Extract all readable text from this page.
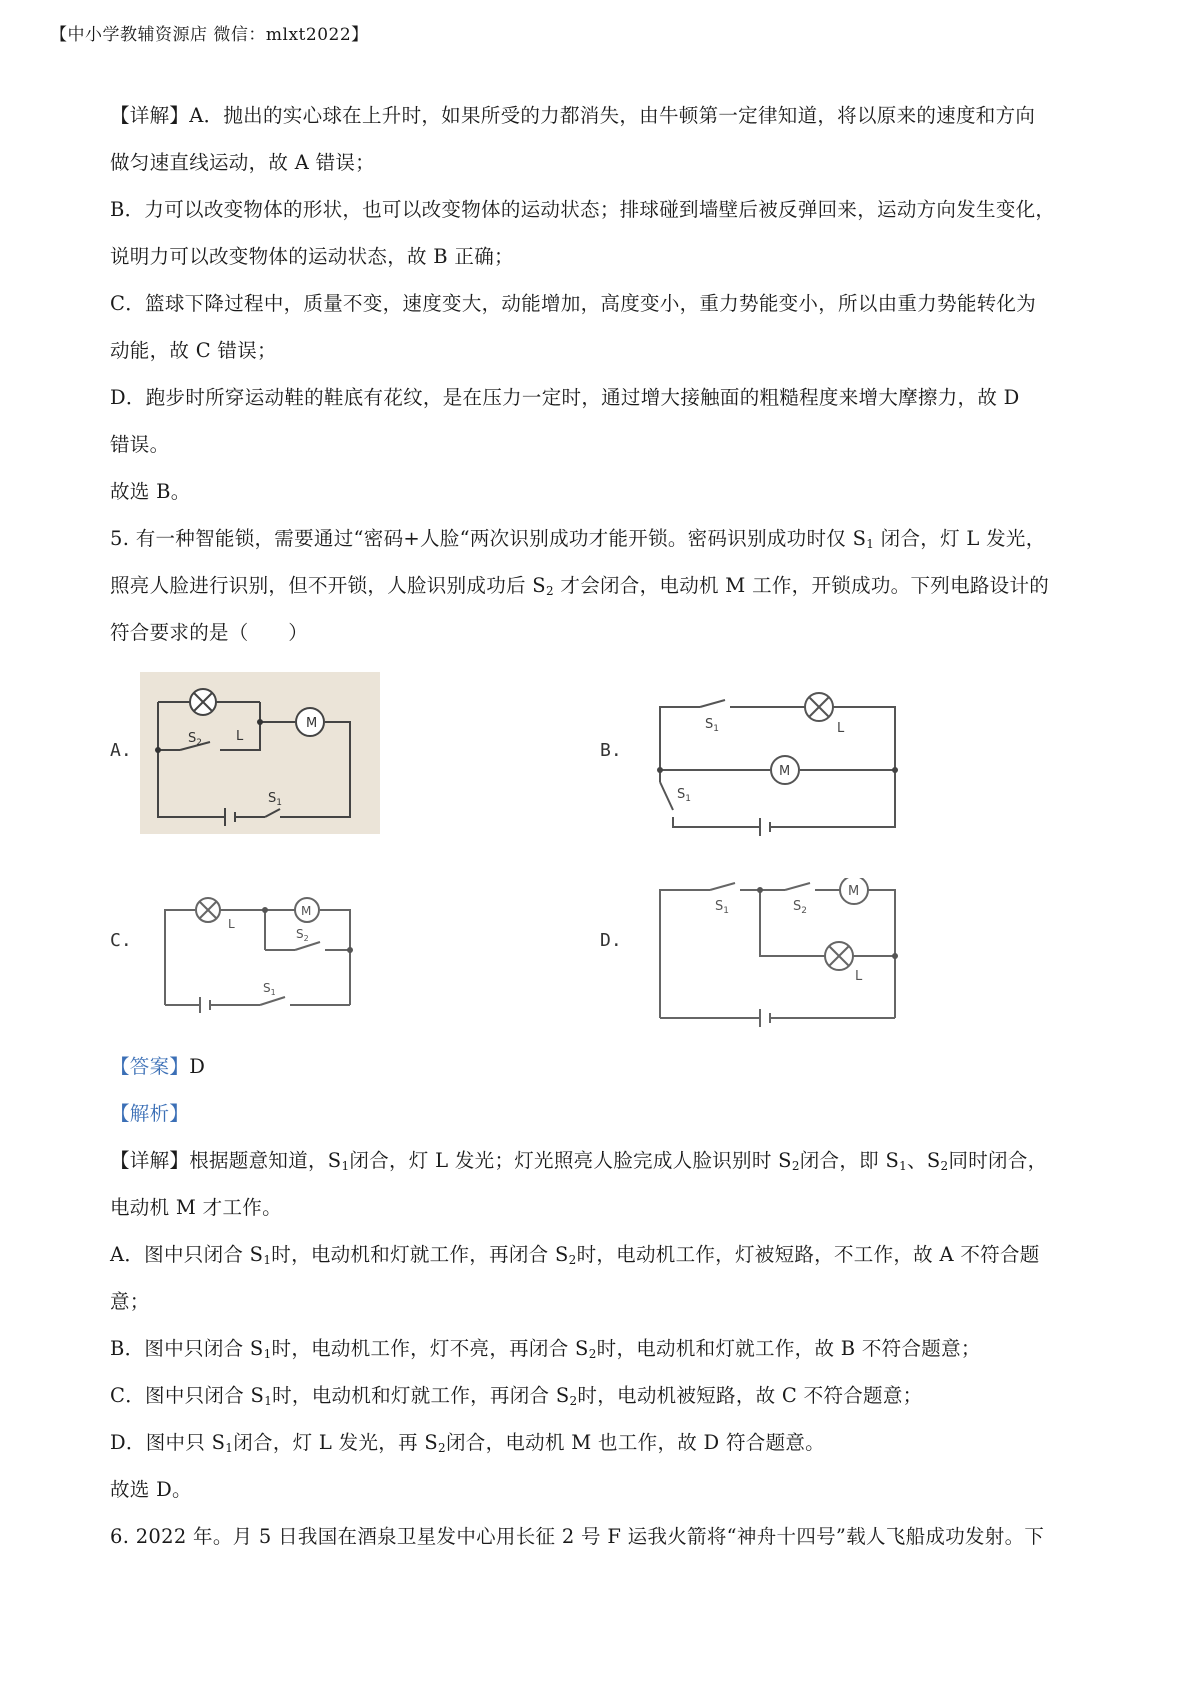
【中小学教辅资源店 微信：mlxt2022】
【详解】A．抛出的实心球在上升时，如果所受的力都消失，由牛顿第一定律知道，将以原来的速度和方向
做匀速直线运动，故 A 错误；
B．力可以改变物体的形状，也可以改变物体的运动状态；排球碰到墙壁后被反弹回来，运动方向发生变化，
说明力可以改变物体的运动状态，故 B 正确；
C．篮球下降过程中，质量不变，速度变大，动能增加，高度变小，重力势能变小，所以由重力势能转化为
动能，故 C 错误；
D．跑步时所穿运动鞋的鞋底有花纹，是在压力一定时，通过增大接触面的粗糙程度来增大摩擦力，故 D
错误。
故选 B。
5. 有一种智能锁，需要通过“密码+人脸“两次识别成功才能开锁。密码识别成功时仅 $S_1$ 闭合，灯 L 发光，
照亮人脸进行识别，但不开锁，人脸识别成功后 $S_2$ 才会闭合，电动机 M 工作，开锁成功。下列电路设计的
符合要求的是（　　）
A.	B.
C.	D.
M
L
$S_2$
$S_1$
M
L
$S_1$
$S_1$
M
L
$S_2$
$S_1$
M
L
$S_1$	$S_2$
【答案】D
【解析】
【详解】根据题意知道，$S_1$闭合，灯 L 发光；灯光照亮人脸完成人脸识别时 $S_2$闭合，即 $S_1$、$S_2$同时闭合，
电动机 M 才工作。
A．图中只闭合 $S_1$时，电动机和灯就工作，再闭合 $S_2$时，电动机工作，灯被短路，不工作，故 A 不符合题
意；
B．图中只闭合 $S_1$时，电动机工作，灯不亮，再闭合 $S_2$时，电动机和灯就工作，故 B 不符合题意；
C．图中只闭合 $S_1$时，电动机和灯就工作，再闭合 $S_2$时，电动机被短路，故 C 不符合题意；
D．图中只 $S_1$闭合，灯 L 发光，再 $S_2$闭合，电动机 M 也工作，故 D 符合题意。
故选 D。
6. 2022 年。月 5 日我国在酒泉卫星发中心用长征 2 号 F 运我火箭将“神舟十四号”载人飞船成功发射。下
